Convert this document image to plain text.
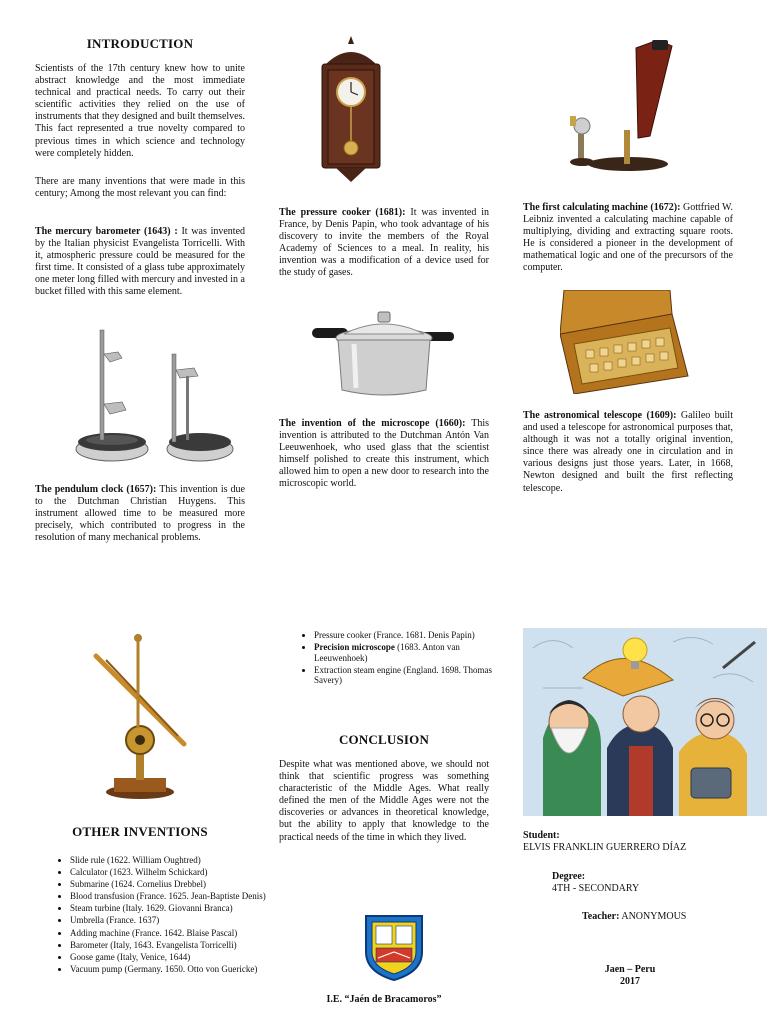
INTRODUCTION

Scientists of the 17th century knew how to unite abstract knowledge and the most immediate technical and practical needs. To carry out their scientific activities they relied on the use of instruments that they designed and built themselves. This fact represented a true novelty compared to previous times in which science and technology were completely hidden.

There are many inventions that were made in this century; Among the most relevant you can find:

The mercury barometer (1643) : It was invented by the Italian physicist Evangelista Torricelli. With it, atmospheric pressure could be measured for the first time. It consisted of a glass tube approximately one meter long filled with mercury and invested in a bucket filled with this same element.

The pendulum clock (1657): This invention is due to the Dutchman Christian Huygens. This instrument allowed time to be measured more precisely, which contributed to progress in the resolution of many mechanical problems.

The pressure cooker (1681): It was invented in France, by Denis Papin, who took advantage of his discovery to invite the members of the Royal Academy of Sciences to a meal. In reality, his invention was a modification of a device used for the study of gases.

The invention of the microscope (1660): This invention is attributed to the Dutchman Antón Van Leeuwenhoek, who used glass that the scientist himself polished to create this instrument, which allowed him to open a new door to research into the microscopic world.

The first calculating machine (1672): Gottfried W. Leibniz invented a calculating machine capable of multiplying, dividing and extracting square roots. He is considered a pioneer in the development of mathematical logic and one of the precursors of the computer.

The astronomical telescope (1609): Galileo built and used a telescope for astronomical purposes that, although it was not a totally original invention, since there was already one in circulation and in various designs just those years. Later, in 1668, Newton designed and built the first reflecting telescope.

OTHER INVENTIONS
• Slide rule (1622. William Oughtred)
• Calculator (1623. Wilhelm Schickard)
• Submarine (1624. Cornelius Drebbel)
• Blood transfusion (France. 1625. Jean-Baptiste Denis)
• Steam turbine (Italy. 1629. Giovanni Branca)
• Umbrella (France. 1637)
• Adding machine (France. 1642. Blaise Pascal)
• Barometer (Italy, 1643. Evangelista Torricelli)
• Goose game (Italy, Venice, 1644)
• Vacuum pump (Germany. 1650. Otto von Guericke)
• Pressure cooker (France. 1681. Denis Papin)
• Precision microscope (1683. Anton van Leeuwenhoek)
• Extraction steam engine (England. 1698. Thomas Savery)
CONCLUSION

Despite what was mentioned above, we should not think that scientific progress was something characteristic of the Middle Ages. What really defined the men of the Middle Ages were not the discoveries or advances in theoretical knowledge, but the ability to apply that knowledge to the practical needs of the time in which they lived.

I.E. “Jaén de Bracamoros”
Student:
ELVIS FRANKLIN GUERRERO DÍAZ
Degree:
4TH - SECONDARY
Teacher: ANONYMOUS
Jaen – Peru
2017
